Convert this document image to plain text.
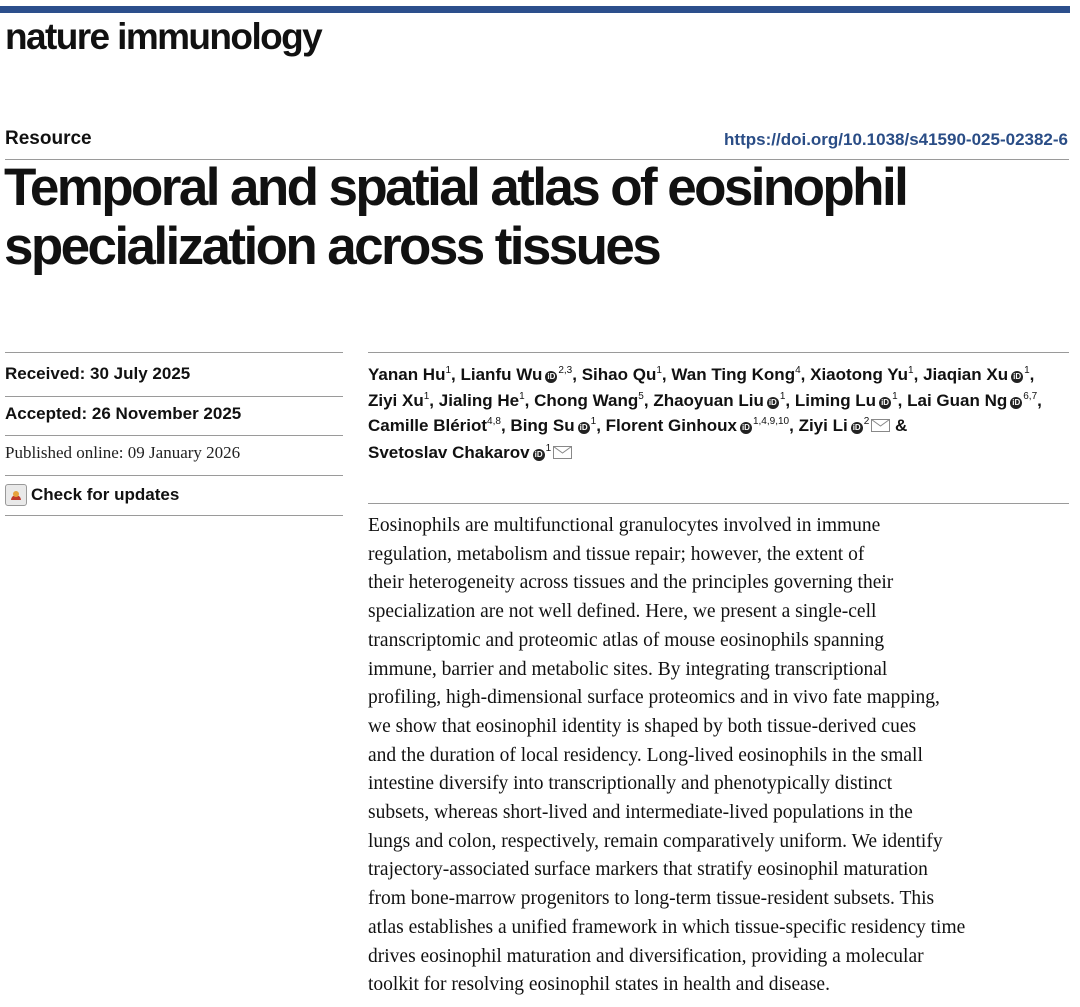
nature immunology
Resource	https://doi.org/10.1038/s41590-025-02382-6
Temporal and spatial atlas of eosinophil
specialization across tissues
Received: 30 July 2025
Accepted: 26 November 2025
Published online: 09 January 2026
Check for updates
Yanan Hu$^1$, Lianfu Wu iD$^{2,3}$, Sihao Qu$^1$, Wan Ting Kong$^4$, Xiaotong Yu$^1$, Jiaqian Xu $iD^1$, Ziyi Xu$^1$, Jialing He$^1$, Chong Wang$^5$, Zhaoyuan Liu $iD^1$, Liming Lu $iD^1$, Lai Guan Ng iD$^{6,7}$, Camille Blériot$^{4,8}$, Bing Su $iD^1$, Florent Ginhoux iD$^{1,4,9,10}$, Ziyi Li $iD^2$ & Svetoslav Chakarov $iD^1$

Eosinophils are multifunctional granulocytes involved in immune
regulation, metabolism and tissue repair; however, the extent of
their heterogeneity across tissues and the principles governing their
specialization are not well defined. Here, we present a single-cell
transcriptomic and proteomic atlas of mouse eosinophils spanning
immune, barrier and metabolic sites. By integrating transcriptional
profiling, high-dimensional surface proteomics and in vivo fate mapping,
we show that eosinophil identity is shaped by both tissue-derived cues
and the duration of local residency. Long-lived eosinophils in the small
intestine diversify into transcriptionally and phenotypically distinct
subsets, whereas short-lived and intermediate-lived populations in the
lungs and colon, respectively, remain comparatively uniform. We identify
trajectory-associated surface markers that stratify eosinophil maturation
from bone-marrow progenitors to long-term tissue-resident subsets. This
atlas establishes a unified framework in which tissue-specific residency time
drives eosinophil maturation and diversification, providing a molecular
toolkit for resolving eosinophil states in health and disease.
